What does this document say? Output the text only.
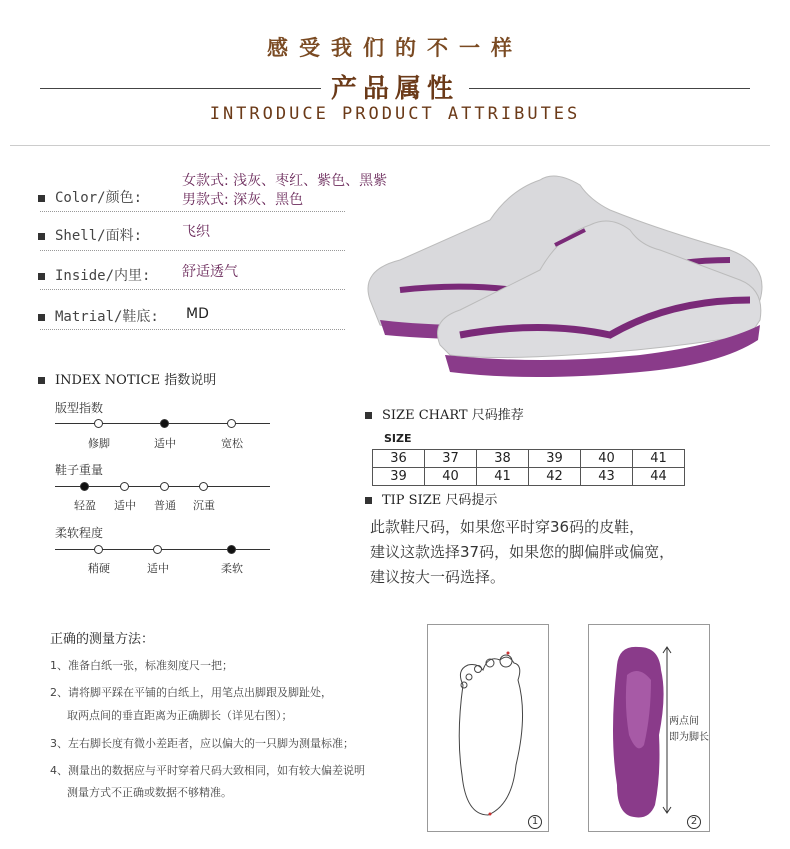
感受我们的不一样
产品属性
INTRODUCE PRODUCT ATTRIBUTES
女款式: 浅灰、枣红、紫色、黑紫
Color/颜色:	男款式: 深灰、黑色
Shell/面料:	飞织
Inside/内里: 舒适透气
Matrial/鞋底: MD
INDEX NOTICE 指数说明
版型指数
修脚	适中	宽松
鞋子重量
轻盈	适中	普通	沉重
柔软程度
稍硬	适中	柔软
SIZE CHART 尺码推荐
SIZE
36	37	38	39	40	41
39	40	41	42	43	44
TIP SIZE 尺码提示
此款鞋尺码，如果您平时穿36码的皮鞋，
建议这款选择37码，如果您的脚偏胖或偏宽，
建议按大一码选择。
正确的测量方法：
1、准备白纸一张，标准刻度尺一把；
2、请将脚平踩在平铺的白纸上，用笔点出脚跟及脚趾处，
取两点间的垂直距离为正确脚长（详见右图）；
3、左右脚长度有微小差距者，应以偏大的一只脚为测量标准；
4、测量出的数据应与平时穿着尺码大致相同，如有较大偏差说明
测量方式不正确或数据不够精准。
1
两点间
即为脚长
2
